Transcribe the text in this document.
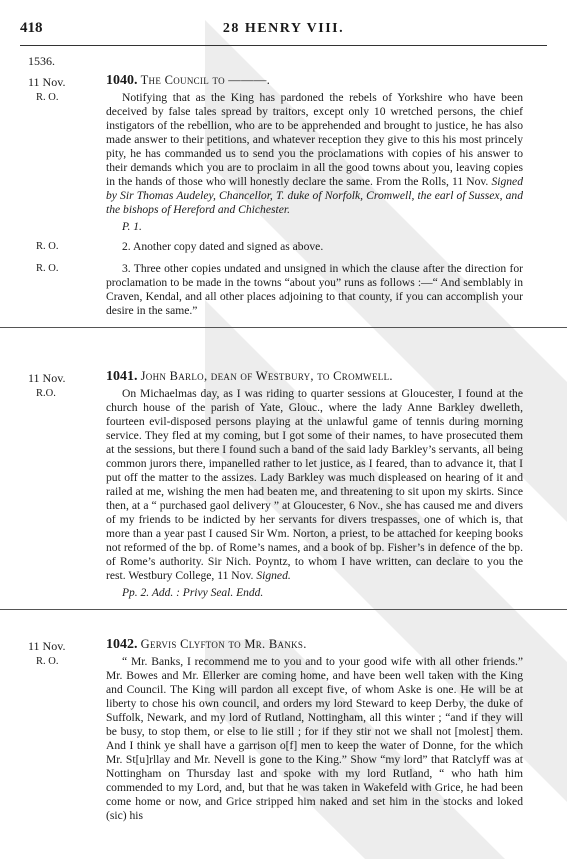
418	28 HENRY VIII.
1536.
11 Nov.	1040. The Council to ———.
R. O.	Notifying that as the King has pardoned the rebels of Yorkshire who have been deceived by false tales spread by traitors, except only 10 wretched persons, the chief instigators of the rebellion, who are to be apprehended and brought to justice, he has also made answer to their petitions, and whatever reception they give to this his most princely pity, he has commanded us to send you the proclamations with copies of his answer to their demands which you are to proclaim in all the good towns about you, leaving copies in the hands of those who will honestly declare the same. From the Rolls, 11 Nov. Signed by Sir Thomas Audeley, Chancellor, T. duke of Norfolk, Cromwell, the earl of Sussex, and the bishops of Hereford and Chichester.
P. 1.
R. O.	2. Another copy dated and signed as above.
R. O.	3. Three other copies undated and unsigned in which the clause after the direction for proclamation to be made in the towns “about you” runs as follows :—“ And semblably in Craven, Kendal, and all other places adjoining to that county, if you can accomplish your desire in the same.”
11 Nov.	1041. John Barlo, dean of Westbury, to Cromwell.
R.O.	On Michaelmas day, as I was riding to quarter sessions at Gloucester, I found at the church house of the parish of Yate, Glouc., where the lady Anne Barkley dwelleth, fourteen evil-disposed persons playing at the unlawful game of tennis during morning service. They fled at my coming, but I got some of their names, to have prosecuted them at the sessions, but there I found such a band of the said lady Barkley’s servants, all being common jurors there, impanelled rather to let justice, as I feared, than to advance it, that I put off the matter to the assizes. Lady Barkley was much displeased on hearing of it and railed at me, wishing the men had beaten me, and threatening to sit upon my skirts. Since then, at a “ purchased gaol delivery ” at Gloucester, 6 Nov., she has caused me and divers of my friends to be indicted by her servants for divers trespasses, one of which is, that more than a year past I caused Sir Wm. Norton, a priest, to be attached for keeping books not reformed of the bp. of Rome’s names, and a book of bp. Fisher’s in defence of the bp. of Rome’s authority. Sir Nich. Poyntz, to whom I have written, can declare to you the rest. Westbury College, 11 Nov. Signed.
Pp. 2. Add. : Privy Seal. Endd.
11 Nov.	1042. Gervis Clyfton to Mr. Banks.
R. O.	“ Mr. Banks, I recommend me to you and to your good wife with all other friends.” Mr. Bowes and Mr. Ellerker are coming home, and have been well taken with the King and Council. The King will pardon all except five, of whom Aske is one. He will be at liberty to chose his own council, and orders my lord Steward to keep Derby, the duke of Suffolk, Newark, and my lord of Rutland, Nottingham, all this winter ; “and if they will be busy, to stop them, or else to lie still ; for if they stir not we shall not [molest] them. And I think ye shall have a garrison o[f] men to keep the water of Donne, for the which Mr. St[u]rllay and Mr. Nevell is gone to the King.” Show “my lord” that Ratclyff was at Nottingham on Thursday last and spoke with my lord Rutland, “ who hath him commended to my Lord, and, but that he was taken in Wakefeld with Grice, he had been come home or now, and Grice stripped him naked and set him in the stocks and loked (sic) his
